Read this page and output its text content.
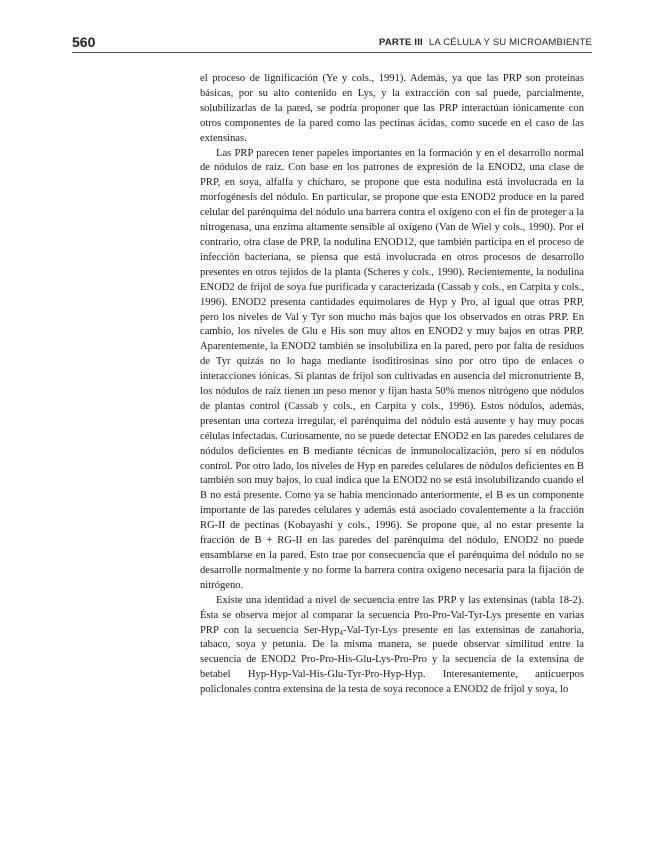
560	PARTE III LA CÉLULA Y SU MICROAMBIENTE

el proceso de lignificación (Ye y cols., 1991). Además, ya que las PRP son proteínas básicas, por su alto contenido en Lys, y la extracción con sal puede, parcialmente, solubilizarlas de la pared, se podría proponer que las PRP interactúan iónicamente con otros componentes de la pared como las pectinas ácidas, como sucede en el caso de las extensinas.

Las PRP parecen tener papeles importantes en la formación y en el desarrollo normal de nódulos de raíz. Con base en los patrones de expresión de la ENOD2, una clase de PRP, en soya, alfalfa y chícharo, se propone que esta nodulina está involucrada en la morfogénesis del nódulo. En particular, se propone que esta ENOD2 produce en la pared celular del parénquima del nódulo una barrera contra el oxígeno con el fin de proteger a la nitrogenasa, una enzima altamente sensible al oxígeno (Van de Wiel y cols., 1990). Por el contrario, otra clase de PRP, la nodulina ENOD12, que también participa en el proceso de infección bacteriana, se piensa que está involucrada en otros procesos de desarrollo presentes en otros tejidos de la planta (Scheres y cols., 1990). Recientemente, la nodulina ENOD2 de frijol de soya fue purificada y caracterizada (Cassab y cols., en Carpita y cols., 1996). ENOD2 presenta cantidades equimolares de Hyp y Pro, al igual que otras PRP, pero los niveles de Val y Tyr son mucho más bajos que los observados en otras PRP. En cambio, los niveles de Glu e His son muy altos en ENOD2 y muy bajos en otras PRP. Aparentemente, la ENOD2 también se insolubiliza en la pared, pero por falta de residuos de Tyr quizás no lo haga mediante isoditirosinas sino por otro tipo de enlaces o interacciones iónicas. Si plantas de frijol son cultivadas en ausencia del micronutriente B, los nódulos de raíz tienen un peso menor y fijan hasta 50% menos nitrógeno que nódulos de plantas control (Cassab y cols., en Carpita y cols., 1996). Estos nódulos, además, presentan una corteza irregular, el parénquima del nódulo está ausente y hay muy pocas células infectadas. Curiosamente, no se puede detectar ENOD2 en las paredes celulares de nódulos deficientes en B mediante técnicas de inmunolocalización, pero sí en nódulos control. Por otro lado, los niveles de Hyp en paredes celulares de nódulos deficientes en B también son muy bajos, lo cual indica que la ENOD2 no se está insolubilizando cuando el B no está presente. Como ya se había mencionado anteriormente, el B es un componente importante de las paredes celulares y además está asociado covalentemente a la fracción RG-II de pectinas (Kobayashi y cols., 1996). Se propone que, al no estar presente la fracción de B + RG-II en las paredes del parénquima del nódulo, ENOD2 no puede ensamblarse en la pared. Esto trae por consecuencia que el parénquima del nódulo no se desarrolle normalmente y no forme la barrera contra oxígeno necesaria para la fijación de nitrógeno.

Existe una identidad a nivel de secuencia entre las PRP y las extensinas (tabla 18-2). Ésta se observa mejor al comparar la secuencia Pro-Pro-Val-Tyr-Lys presente en varias PRP con la secuencia Ser-Hyp$_4$-Val-Tyr-Lys presente en las extensinas de zanahoria, tabaco, soya y petunia. De la misma manera, se puede observar similitud entre la secuencia de ENOD2 Pro-Pro-His-Glu-Lys-Pro-Pro y la secuencia de la extensina de betabel Hyp-Hyp-Val-His-Glu-Tyr-Pro-Hyp-Hyp. Interesantemente, anticuerpos policlonales contra extensina de la testa de soya reconoce a ENOD2 de frijol y soya, lo
